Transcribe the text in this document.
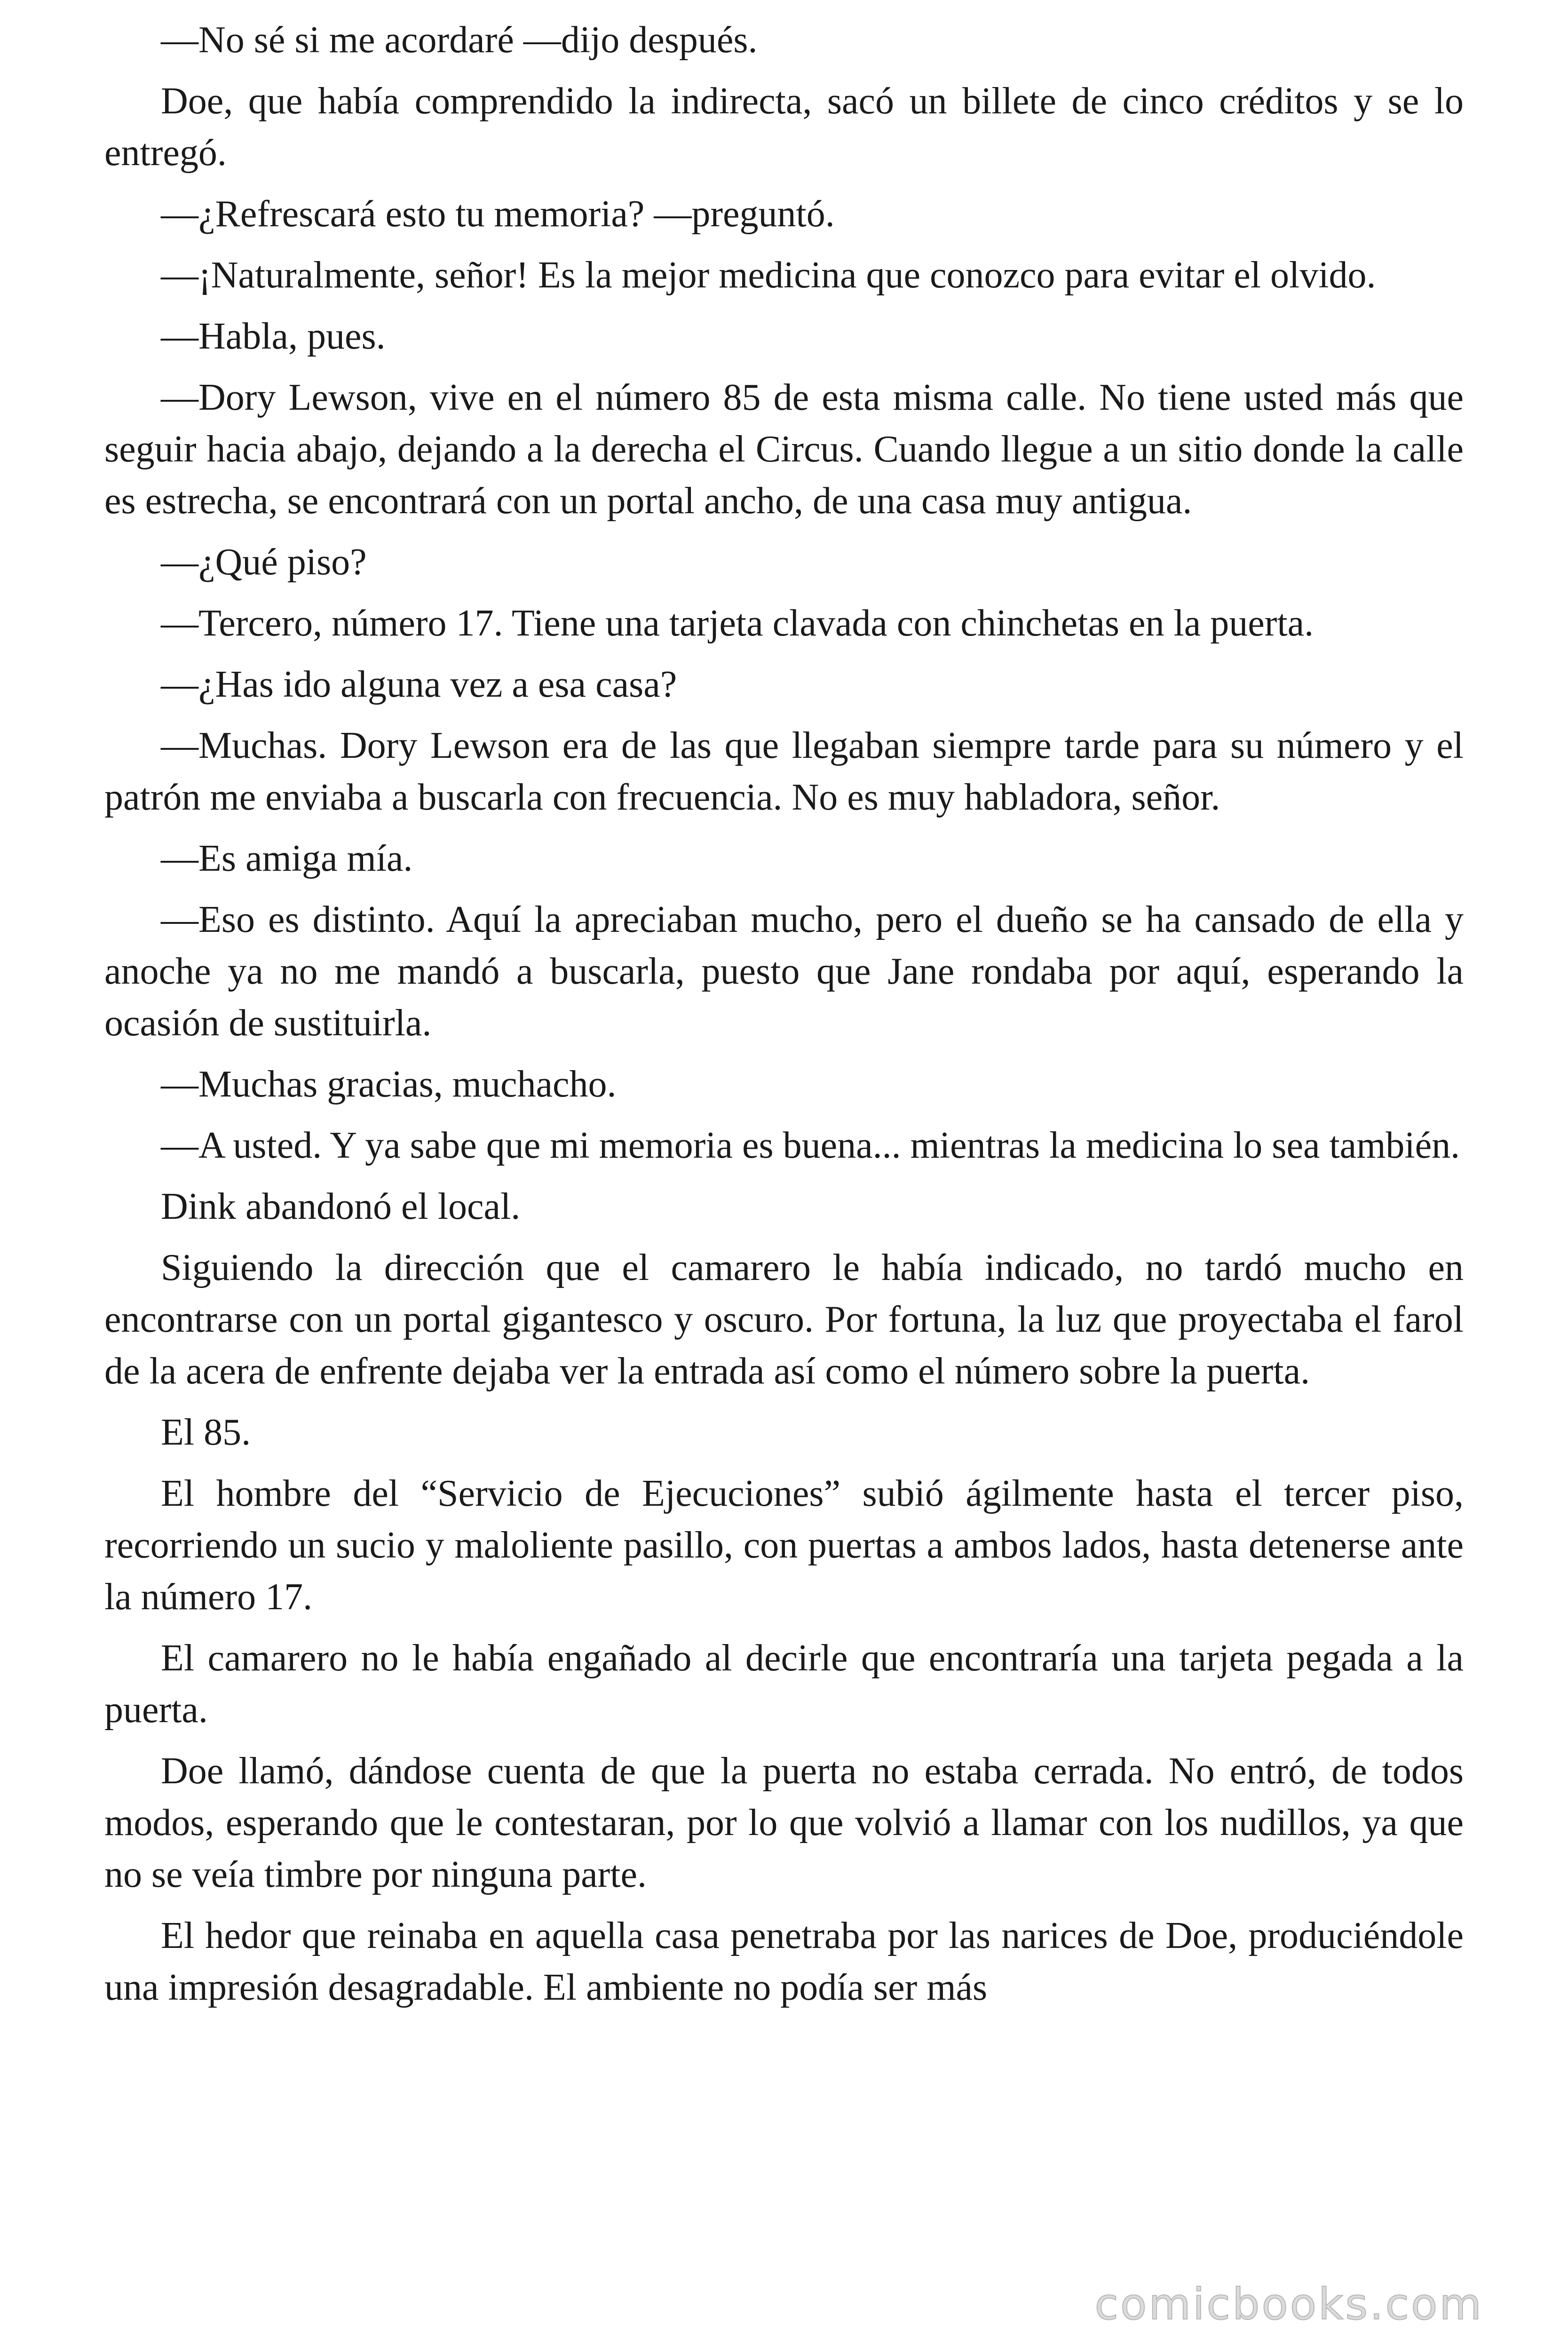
—No sé si me acordaré —dijo después.

Doe, que había comprendido la indirecta, sacó un billete de cinco créditos y se lo entregó.

—¿Refrescará esto tu memoria? —preguntó.

—¡Naturalmente, señor! Es la mejor medicina que conozco para evitar el olvido.

—Habla, pues.

—Dory Lewson, vive en el número 85 de esta misma calle. No tiene usted más que seguir hacia abajo, dejando a la derecha el Circus. Cuando llegue a un sitio donde la calle es estrecha, se encontrará con un portal ancho, de una casa muy antigua.

—¿Qué piso?

—Tercero, número 17. Tiene una tarjeta clavada con chinchetas en la puerta.

—¿Has ido alguna vez a esa casa?

—Muchas. Dory Lewson era de las que llegaban siempre tarde para su número y el patrón me enviaba a buscarla con frecuencia. No es muy habladora, señor.

—Es amiga mía.

—Eso es distinto. Aquí la apreciaban mucho, pero el dueño se ha cansado de ella y anoche ya no me mandó a buscarla, puesto que Jane rondaba por aquí, esperando la ocasión de sustituirla.

—Muchas gracias, muchacho.

—A usted. Y ya sabe que mi memoria es buena... mientras la medicina lo sea también.

Dink abandonó el local.

Siguiendo la dirección que el camarero le había indicado, no tardó mucho en encontrarse con un portal gigantesco y oscuro. Por fortuna, la luz que proyectaba el farol de la acera de enfrente dejaba ver la entrada así como el número sobre la puerta.

El 85.

El hombre del “Servicio de Ejecuciones” subió ágilmente hasta el tercer piso, recorriendo un sucio y maloliente pasillo, con puertas a ambos lados, hasta detenerse ante la número 17.

El camarero no le había engañado al decirle que encontraría una tarjeta pegada a la puerta.

Doe llamó, dándose cuenta de que la puerta no estaba cerrada. No entró, de todos modos, esperando que le contestaran, por lo que volvió a llamar con los nudillos, ya que no se veía timbre por ninguna parte.

El hedor que reinaba en aquella casa penetraba por las narices de Doe, produciéndole una impresión desagradable. El ambiente no podía ser más

comicbooks.com
